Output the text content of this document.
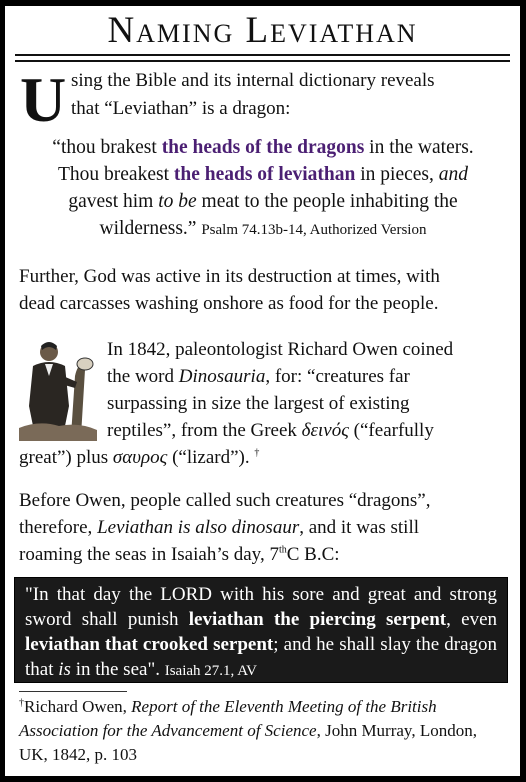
Naming Leviathan
U sing the Bible and its internal dictionary reveals
that “Leviathan” is a dragon:
“thou brakest the heads of the dragons in the waters.
Thou breakest the heads of leviathan in pieces, and
gavest him to be meat to the people inhabiting the
wilderness.” Psalm 74.13b-14, Authorized Version
Further, God was active in its destruction at times, with
dead carcasses washing onshore as food for the people.
In 1842, paleontologist Richard Owen coined
the word Dinosauria, for: “creatures far
surpassing in size the largest of existing
reptiles”, from the Greek δεινός (“fearfully
great”) plus σαυρος (“lizard”). †
Before Owen, people called such creatures “dragons”,
therefore, Leviathan is also dinosaur, and it was still
roaming the seas in Isaiah’s day, 7thC B.C:
"In that day the LORD with his sore and great and strong sword shall punish leviathan the piercing serpent, even leviathan that crooked serpent; and he shall slay the dragon that is in the sea". Isaiah 27.1, AV
†Richard Owen, Report of the Eleventh Meeting of the British Association for the Advancement of Science, John Murray, London, UK, 1842, p. 103
